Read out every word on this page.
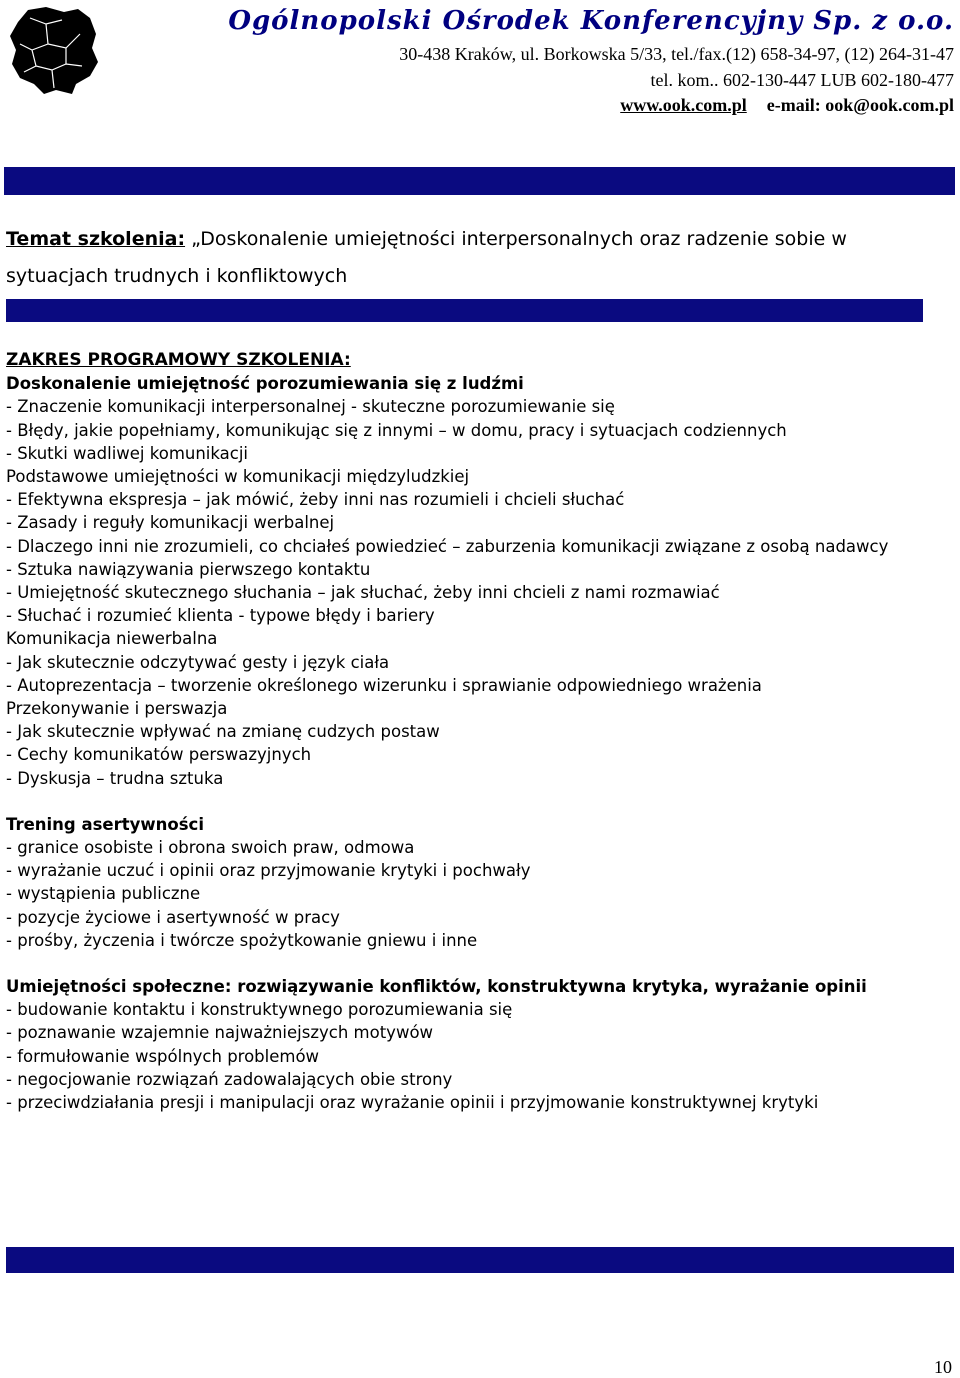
Ogólnopolski Ośrodek Konferencyjny Sp. z o.o.
30-438 Kraków, ul. Borkowska 5/33, tel./fax.(12) 658-34-97, (12) 264-31-47
tel. kom.. 602-130-447 LUB 602-180-477
www.ook.com.pl e-mail: ook@ook.com.pl
Temat szkolenia: „Doskonalenie umiejętności interpersonalnych oraz radzenie sobie w sytuacjach trudnych i konfliktowych
ZAKRES PROGRAMOWY SZKOLENIA:
Doskonalenie umiejętność porozumiewania się z ludźmi
- Znaczenie komunikacji interpersonalnej - skuteczne porozumiewanie się
- Błędy, jakie popełniamy, komunikując się z innymi – w domu, pracy i sytuacjach codziennych
- Skutki wadliwej komunikacji
Podstawowe umiejętności w komunikacji międzyludzkiej
- Efektywna ekspresja – jak mówić, żeby inni nas rozumieli i chcieli słuchać
- Zasady i reguły komunikacji werbalnej
- Dlaczego inni nie zrozumieli, co chciałeś powiedzieć – zaburzenia komunikacji związane z osobą nadawcy
- Sztuka nawiązywania pierwszego kontaktu
- Umiejętność skutecznego słuchania – jak słuchać, żeby inni chcieli z nami rozmawiać
- Słuchać i rozumieć klienta - typowe błędy i bariery
Komunikacja niewerbalna
- Jak skutecznie odczytywać gesty i język ciała
- Autoprezentacja – tworzenie określonego wizerunku i sprawianie odpowiedniego wrażenia
Przekonywanie i perswazja
- Jak skutecznie wpływać na zmianę cudzych postaw
- Cechy komunikatów perswazyjnych
- Dyskusja – trudna sztuka
Trening asertywności
- granice osobiste i obrona swoich praw, odmowa
- wyrażanie uczuć i opinii oraz przyjmowanie krytyki i pochwały
- wystąpienia publiczne
- pozycje życiowe i asertywność w pracy
- prośby, życzenia i twórcze spożytkowanie gniewu i inne
Umiejętności społeczne: rozwiązywanie konfliktów, konstruktywna krytyka, wyrażanie opinii
- budowanie kontaktu i konstruktywnego porozumiewania się
- poznawanie wzajemnie najważniejszych motywów
- formułowanie wspólnych problemów
- negocjowanie rozwiązań zadowalających obie strony
- przeciwdziałania presji i manipulacji oraz wyrażanie opinii i przyjmowanie konstruktywnej krytyki
10
